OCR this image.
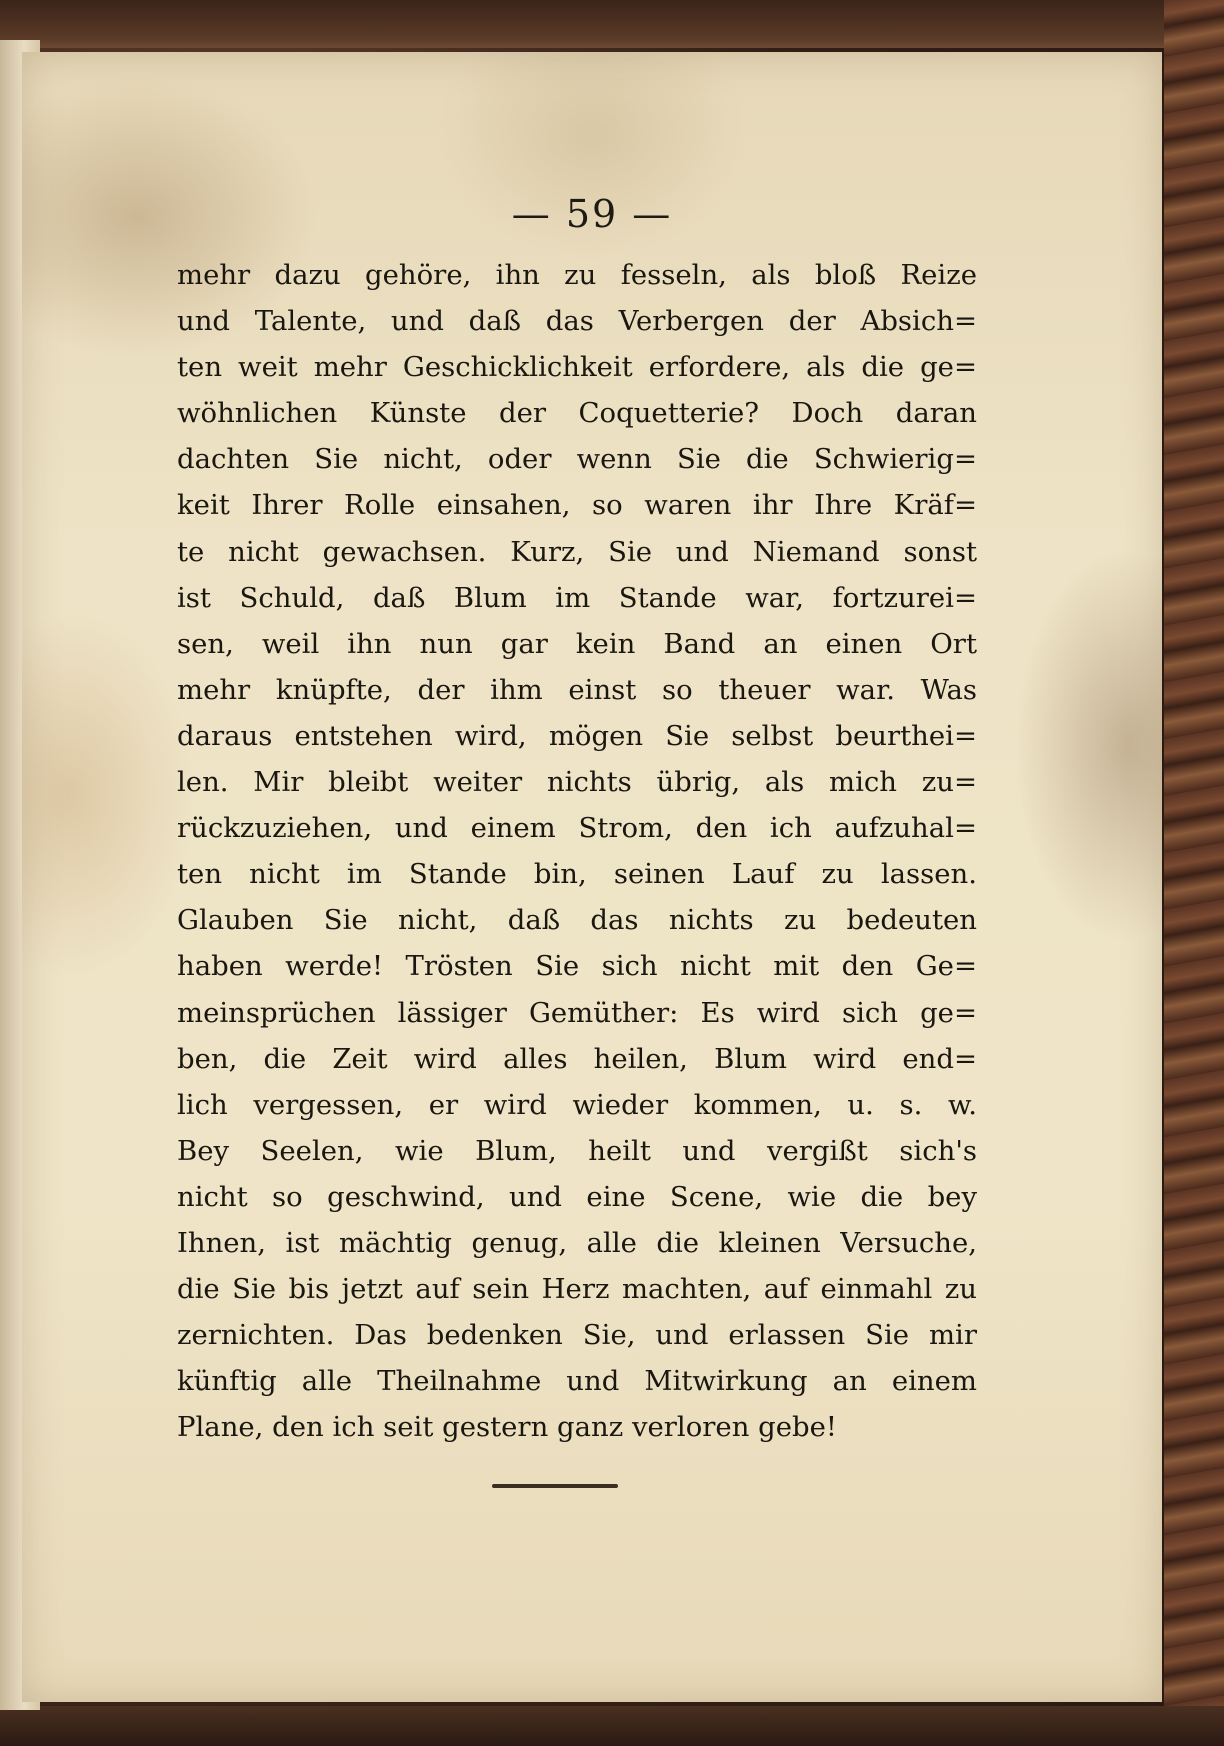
— 59 —
mehr dazu gehöre, ihn zu fesseln, als bloß Reize
und Talente, und daß das Verbergen der Absich=
ten weit mehr Geschicklichkeit erfordere, als die ge=
wöhnlichen Künste der Coquetterie? Doch daran
dachten Sie nicht, oder wenn Sie die Schwierig=
keit Ihrer Rolle einsahen, so waren ihr Ihre Kräf=
te nicht gewachsen. Kurz, Sie und Niemand sonst
ist Schuld, daß Blum im Stande war, fortzurei=
sen, weil ihn nun gar kein Band an einen Ort
mehr knüpfte, der ihm einst so theuer war. Was
daraus entstehen wird, mögen Sie selbst beurthei=
len. Mir bleibt weiter nichts übrig, als mich zu=
rückzuziehen, und einem Strom, den ich aufzuhal=
ten nicht im Stande bin, seinen Lauf zu lassen.
Glauben Sie nicht, daß das nichts zu bedeuten
haben werde! Trösten Sie sich nicht mit den Ge=
meinsprüchen lässiger Gemüther: Es wird sich ge=
ben, die Zeit wird alles heilen, Blum wird end=
lich vergessen, er wird wieder kommen, u. s. w.
Bey Seelen, wie Blum, heilt und vergißt sich's
nicht so geschwind, und eine Scene, wie die bey
Ihnen, ist mächtig genug, alle die kleinen Versuche,
die Sie bis jetzt auf sein Herz machten, auf einmahl zu
zernichten. Das bedenken Sie, und erlassen Sie mir
künftig alle Theilnahme und Mitwirkung an einem
Plane, den ich seit gestern ganz verloren gebe!
